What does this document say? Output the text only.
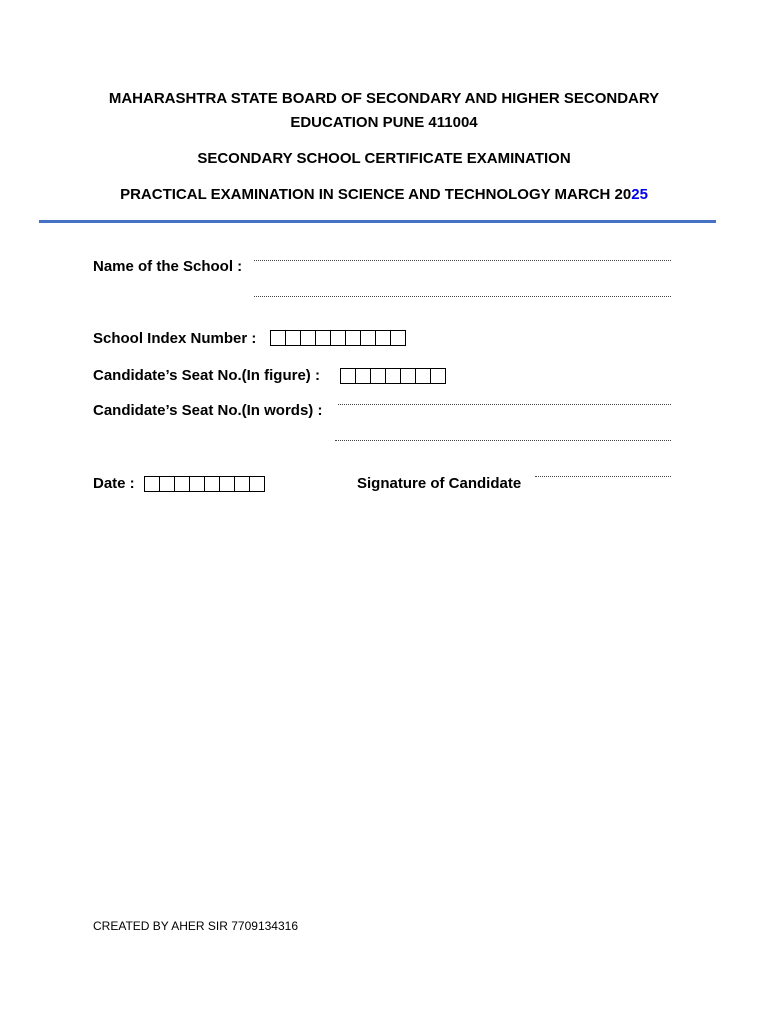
MAHARASHTRA STATE BOARD OF SECONDARY AND HIGHER SECONDARY
EDUCATION PUNE 411004
SECONDARY SCHOOL CERTIFICATE EXAMINATION
PRACTICAL EXAMINATION IN SCIENCE AND TECHNOLOGY MARCH 2025
Name of the School :
School Index Number :
Candidate’s Seat No.(In figure) :
Candidate’s Seat No.(In words) :
Date :	Signature of Candidate
CREATED BY AHER SIR 7709134316
